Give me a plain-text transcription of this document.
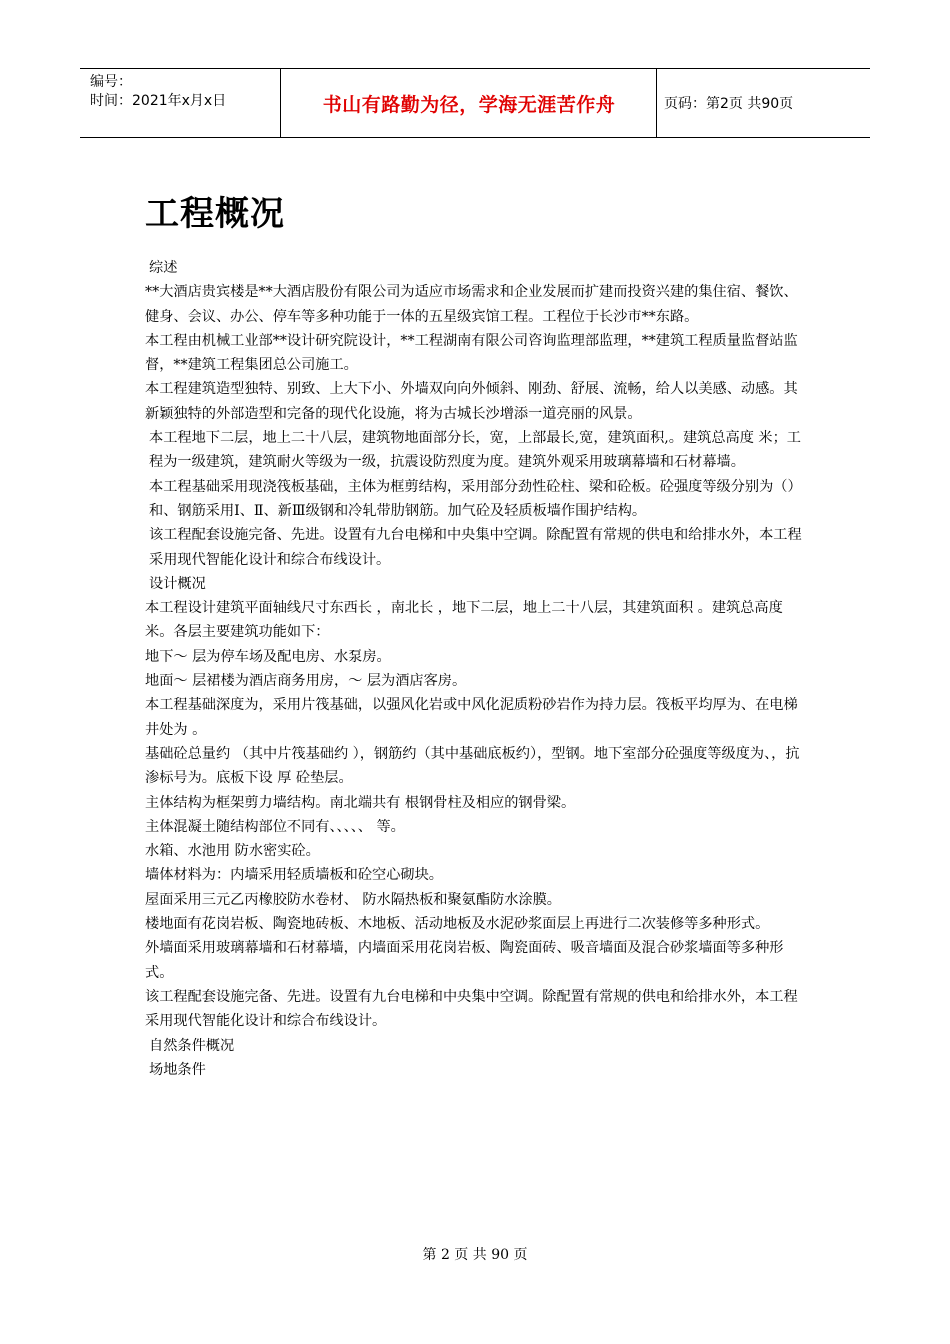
编号：
时间：2021年x月x日	书山有路勤为径，学海无涯苦作舟	页码：第2页 共90页
工程概况

综述

**大酒店贵宾楼是**大酒店股份有限公司为适应市场需求和企业发展而扩建而投资兴建的集住宿、餐饮、健身、会议、办公、停车等多种功能于一体的五星级宾馆工程。工程位于长沙市**东路。

本工程由机械工业部**设计研究院设计，**工程湖南有限公司咨询监理部监理，**建筑工程质量监督站监督，**建筑工程集团总公司施工。

本工程建筑造型独特、别致、上大下小、外墙双向向外倾斜、刚劲、舒展、流畅，给人以美感、动感。其新颖独特的外部造型和完备的现代化设施，将为古城长沙增添一道亮丽的风景。

本工程地下二层，地上二十八层，建筑物地面部分长，宽，上部最长,宽，建筑面积,。建筑总高度 米；工程为一级建筑，建筑耐火等级为一级，抗震设防烈度为度。建筑外观采用玻璃幕墙和石材幕墙。

本工程基础采用现浇筏板基础，主体为框剪结构，采用部分劲性砼柱、梁和砼板。砼强度等级分别为（）和、钢筋采用Ⅰ、Ⅱ、新Ⅲ级钢和冷轧带肋钢筋。加气砼及轻质板墙作围护结构。

该工程配套设施完备、先进。设置有九台电梯和中央集中空调。除配置有常规的供电和给排水外，本工程采用现代智能化设计和综合布线设计。

设计概况

本工程设计建筑平面轴线尺寸东西长 ，南北长 ，地下二层，地上二十八层，其建筑面积 。建筑总高度 米。各层主要建筑功能如下：

地下～ 层为停车场及配电房、水泵房。

地面～ 层裙楼为酒店商务用房，～ 层为酒店客房。

本工程基础深度为，采用片筏基础，以强风化岩或中风化泥质粉砂岩作为持力层。筏板平均厚为、在电梯井处为 。

基础砼总量约 （其中片筏基础约 ），钢筋约（其中基础底板约），型钢。地下室部分砼强度等级度为、，抗渗标号为。底板下设 厚 砼垫层。

主体结构为框架剪力墙结构。南北端共有 根钢骨柱及相应的钢骨梁。

主体混凝土随结构部位不同有、、、、、 等。

水箱、水池用 防水密实砼。

墙体材料为：内墙采用轻质墙板和砼空心砌块。

屋面采用三元乙丙橡胶防水卷材、 防水隔热板和聚氨酯防水涂膜。

楼地面有花岗岩板、陶瓷地砖板、木地板、活动地板及水泥砂浆面层上再进行二次装修等多种形式。

外墙面采用玻璃幕墙和石材幕墙，内墙面采用花岗岩板、陶瓷面砖、吸音墙面及混合砂浆墙面等多种形式。

该工程配套设施完备、先进。设置有九台电梯和中央集中空调。除配置有常规的供电和给排水外，本工程采用现代智能化设计和综合布线设计。

自然条件概况

场地条件

第 2 页 共 90 页
